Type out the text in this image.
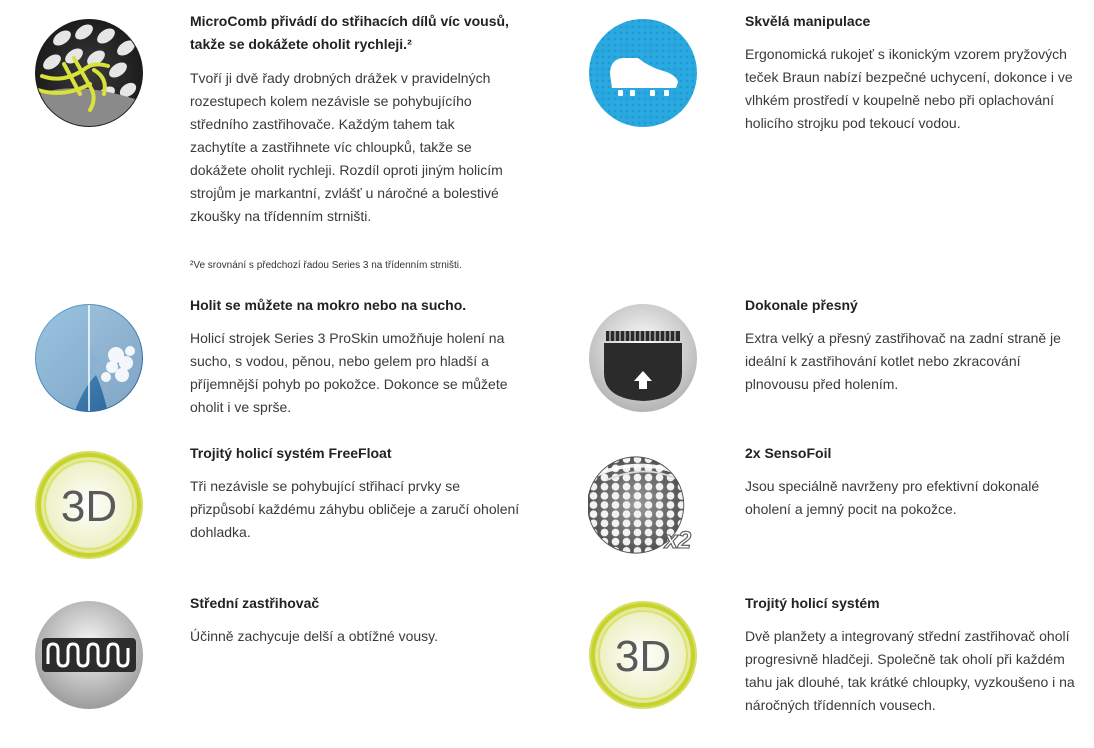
MicroComb přivádí do střihacích dílů víc vousů, takže se dokážete oholit rychleji.²

Tvoří ji dvě řady drobných drážek v pravidelných rozestupech kolem nezávisle se pohybujícího středního zastřihovače. Každým tahem tak zachytíte a zastřihnete víc chloupků, takže se dokážete oholit rychleji. Rozdíl oproti jiným holicím strojům je markantní, zvlášť u náročné a bolestivé zkoušky na třídenním strništi.

²Ve srovnání s předchozí řadou Series 3 na třídenním strništi.

Skvělá manipulace

Ergonomická rukojeť s ikonickým vzorem pryžových teček Braun nabízí bezpečné uchycení, dokonce i ve vlhkém prostředí v koupelně nebo při oplachování holicího strojku pod tekoucí vodou.

Holit se můžete na mokro nebo na sucho.

Holicí strojek Series 3 ProSkin umožňuje holení na sucho, s vodou, pěnou, nebo gelem pro hladší a příjemnější pohyb po pokožce. Dokonce se můžete oholit i ve sprše.

Dokonale přesný

Extra velký a přesný zastřihovač na zadní straně je ideální k zastřihování kotlet nebo zkracování plnovousu před holením.

3D

Trojitý holicí systém FreeFloat

Tři nezávisle se pohybující střihací prvky se přizpůsobí každému záhybu obličeje a zaručí oholení dohladka.	x2

2x SensoFoil

Jsou speciálně navrženy pro efektivní dokonalé oholení a jemný pocit na pokožce.

Střední zastřihovač

Účinně zachycuje delší a obtížné vousy.	3D

Trojitý holicí systém

Dvě planžety a integrovaný střední zastřihovač oholí progresivně hladčeji. Společně tak oholí při každém tahu jak dlouhé, tak krátké chloupky, vyzkoušeno i na náročných třídenních vousech.
